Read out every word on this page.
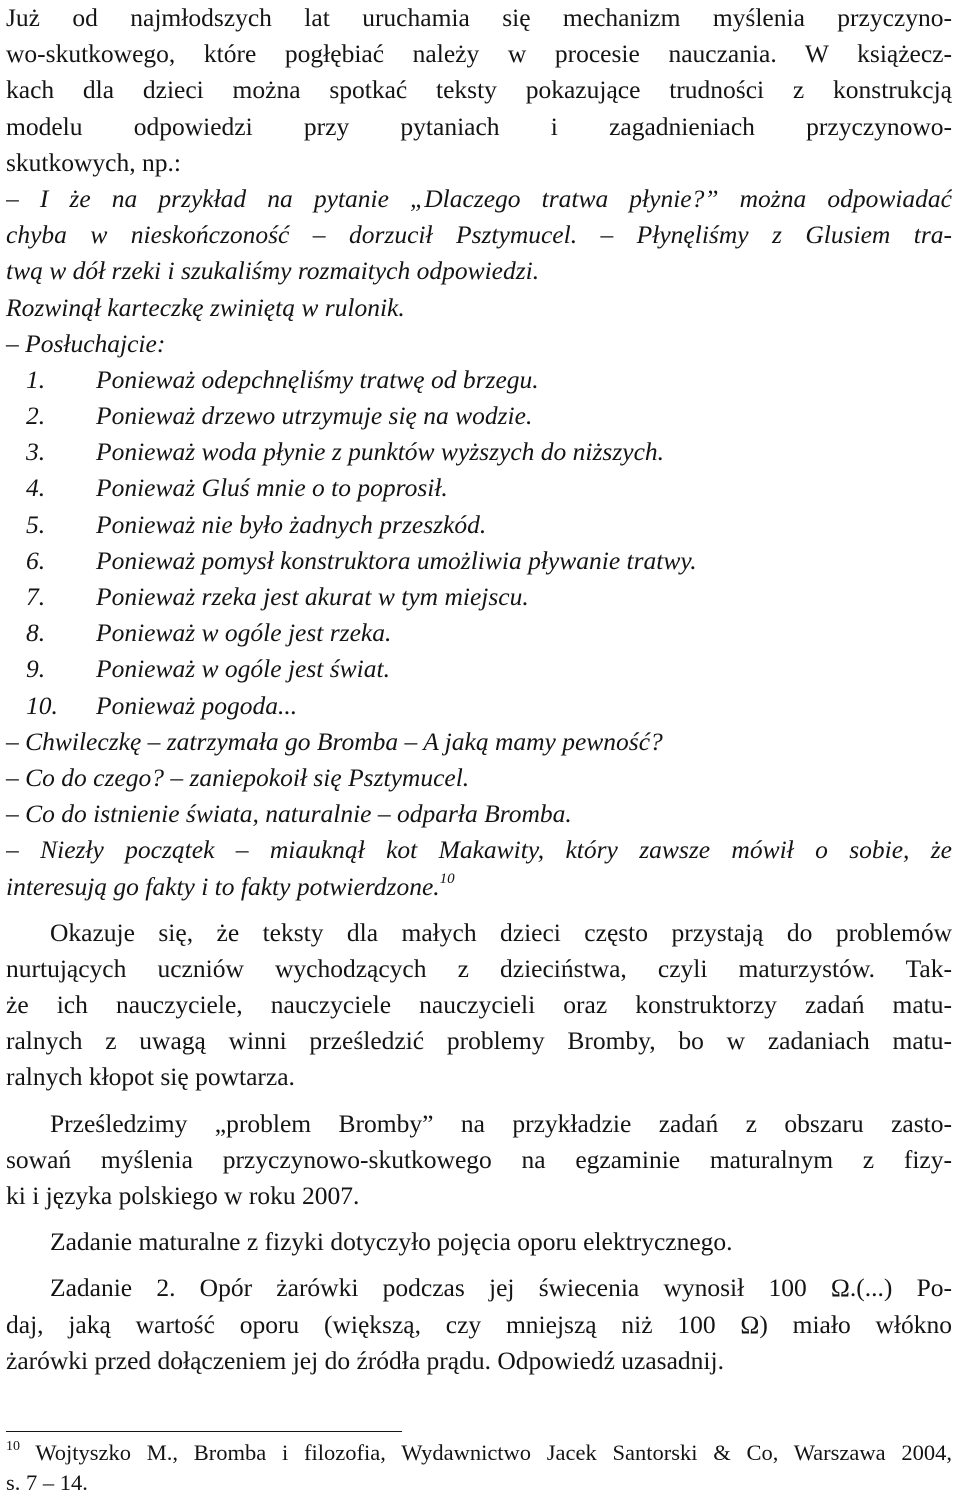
Już od najmłodszych lat uruchamia się mechanizm myślenia przyczyno-
wo-skutkowego, które pogłębiać należy w procesie nauczania. W książecz-
kach dla dzieci można spotkać teksty pokazujące trudności z konstrukcją
modelu odpowiedzi przy pytaniach i zagadnieniach przyczynowo-
skutkowych, np.:
– I że na przykład na pytanie „Dlaczego tratwa płynie?” można odpowiadać
chyba w nieskończoność – dorzucił Psztymucel. – Płynęliśmy z Glusiem tra-
twą w dół rzeki i szukaliśmy rozmaitych odpowiedzi.
Rozwinął karteczkę zwiniętą w rulonik.
– Posłuchajcie:
1. Ponieważ odepchnęliśmy tratwę od brzegu.
2. Ponieważ drzewo utrzymuje się na wodzie.
3. Ponieważ woda płynie z punktów wyższych do niższych.
4. Ponieważ Gluś mnie o to poprosił.
5. Ponieważ nie było żadnych przeszkód.
6. Ponieważ pomysł konstruktora umożliwia pływanie tratwy.
7. Ponieważ rzeka jest akurat w tym miejscu.
8. Ponieważ w ogóle jest rzeka.
9. Ponieważ w ogóle jest świat.
10. Ponieważ pogoda...
– Chwileczkę – zatrzymała go Bromba – A jaką mamy pewność?
– Co do czego? – zaniepokoił się Psztymucel.
– Co do istnienie świata, naturalnie – odparła Bromba.
– Niezły początek – miauknął kot Makawity, który zawsze mówił o sobie, że
interesują go fakty i to fakty potwierdzone.$^{10}$
Okazuje się, że teksty dla małych dzieci często przystają do problemów
nurtujących uczniów wychodzących z dzieciństwa, czyli maturzystów. Tak-
że ich nauczyciele, nauczyciele nauczycieli oraz konstruktorzy zadań matu-
ralnych z uwagą winni prześledzić problemy Bromby, bo w zadaniach matu-
ralnych kłopot się powtarza.
Prześledzimy „problem Bromby” na przykładzie zadań z obszaru zasto-
sowań myślenia przyczynowo-skutkowego na egzaminie maturalnym z fizy-
ki i języka polskiego w roku 2007.
Zadanie maturalne z fizyki dotyczyło pojęcia oporu elektrycznego.
Zadanie 2. Opór żarówki podczas jej świecenia wynosił 100 Ω.(...) Po-
daj, jaką wartość oporu (większą, czy mniejszą niż 100 Ω) miało włókno
żarówki przed dołączeniem jej do źródła prądu. Odpowiedź uzasadnij.
$^{10}$ Wojtyszko M., Bromba i filozofia, Wydawnictwo Jacek Santorski & Co, Warszawa 2004,
s. 7 – 14.
